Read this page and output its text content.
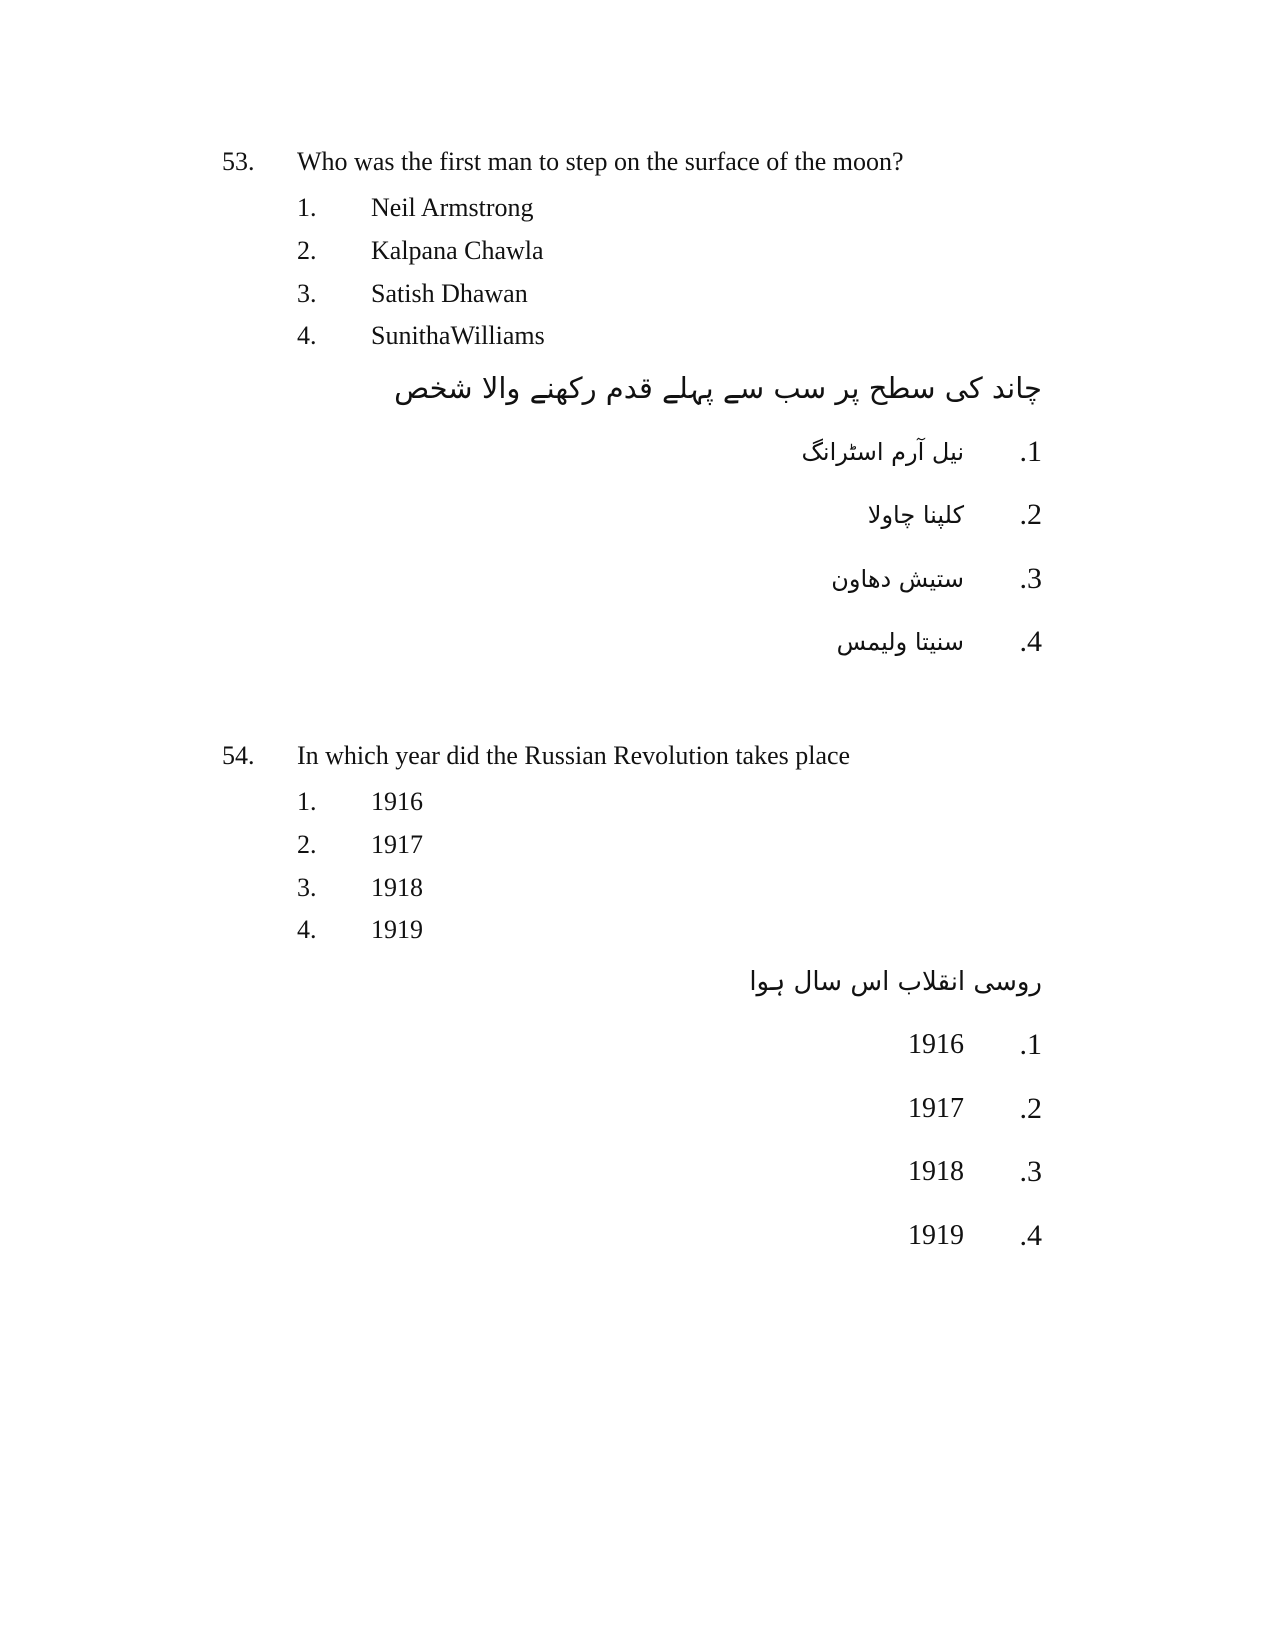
53. Who was the first man to step on the surface of the moon?
1. Neil Armstrong
2. Kalpana Chawla
3. Satish Dhawan
4. SunithaWilliams
چاند کی سطح پر سب سے پہلے قدم رکھنے والا شخص
.1
نیل آرم اسٹرانگ
.2
کلپنا چاولا
.3
ستیش دھاون
.4
سنیتا ولیمس
54. In which year did the Russian Revolution takes place
1. 1916
2. 1917
3. 1918
4. 1919
روسی انقلاب اس سال ہوا
.1
1916
.2
1917
.3
1918
.4
1919
